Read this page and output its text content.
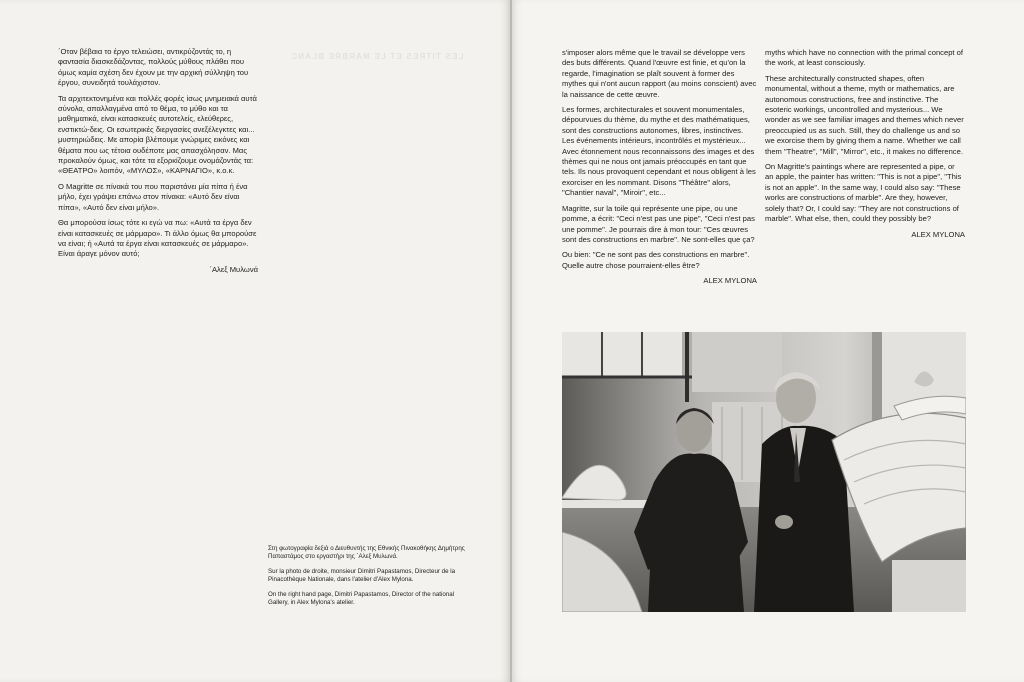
LES TITRES ET LE MARBRE BLANC

΄Οταν βέβαια το έργο τελειώσει, αντικρύζοντάς το, η φαντασία διασκεδάζοντας, πολλούς μύθους πλάθει που όμως καμία σχέση δεν έχουν με την αρχική σύλληψη του έργου, συνειδητά τουλάχιστον.

Τα αρχιτεκτονημένα και πολλές φορές ίσως μνημειακά αυτά σύνολα, απαλλαγμένα από το θέμα, το μύθο και τα μαθηματικά, είναι κατασκευές αυτοτελείς, ελεύθερες, ενστικτώ-δεις. Οι εσωτερικές διεργασίες ανεξέλεγκτες και... μυστηριώδεις. Με απορία βλέπουμε γνώριμες εικόνες και θέματα που ως τέτοια ουδέποτε μας απασχόλησαν. Μας προκαλούν όμως, και τότε τα εξορκίζουμε ονομάζοντάς τα: «ΘΕΑΤΡΟ» λοιπόν, «ΜΥΛΟΣ», «ΚΑΡΝΑΓΙΟ», κ.ο.κ.

Ο Magritte σε πίνακά του που παριστάνει μία πίπα ή ένα μήλο, έχει γράψει επάνω στον πίνακα: «Αυτό δεν είναι πίπα», «Αυτό δεν είναι μήλο».

Θα μπορούσα ίσως τότε κι εγώ να πω: «Αυτά τα έργα δεν είναι κατασκευές σε μάρμαρο». Τι άλλο όμως θα μπορούσε να είναι; ή «Αυτά τα έργα είναι κατασκευές σε μάρμαρο». Είναι άραγε μόνον αυτό;

΄Αλεξ Μυλωνά

Στη φωτογραφία δεξιά ο Διευθυντής της Εθνικής Πινακοθήκης Δημήτρης Παπαστάμος στο εργαστήρι της ΄Αλεξ Μυλωνά.

Sur la photo de droite, monsieur Dimitri Papastamos, Directeur de la Pinacothèque Nationale, dans l'atelier d'Alex Mylona.

On the right hand page, Dimitri Papastamos, Director of the national Gallery, in Alex Mylona's atelier.

s'imposer alors même que le travail se développe vers des buts différents. Quand l'œuvre est finie, et qu'on la regarde, l'imagination se plaît souvent à former des mythes qui n'ont aucun rapport (au moins conscient) avec la naissance de cette œuvre.

Les formes, architecturales et souvent monumentales, dépourvues du thème, du mythe et des mathématiques, sont des constructions autonomes, libres, instinctives. Les événements intérieurs, incontrôlés et mystérieux... Avec étonnement nous reconnaissons des images et des thèmes qui ne nous ont jamais préoccupés en tant que tels. Ils nous provoquent cependant et nous obligent à les exorciser en les nommant. Disons "Théâtre" alors, "Chantier naval", "Miroir", etc...

Magritte, sur la toile qui représente une pipe, ou une pomme, a écrit: "Ceci n'est pas une pipe", "Ceci n'est pas une pomme". Je pourrais dire à mon tour: "Ces œuvres sont des constructions en marbre". Ne sont-elles que ça?

Ou bien: "Ce ne sont pas des constructions en marbre". Quelle autre chose pourraient-elles être?

ALEX MYLONA

myths which have no connection with the primal concept of the work, at least consciously.

These architecturally constructed shapes, often monumental, without a theme, myth or mathematics, are autonomous constructions, free and instinctive. The esoteric workings, uncontrolled and mysterious... We wonder as we see familiar images and themes which never preoccupied us as such. Still, they do challenge us and so we exorcise them by giving them a name. Whether we call them "Theatre", "Mill", "Mirror", etc., it makes no difference.

On Magritte's paintings where are represented a pipe, or an apple, the painter has written: "This is not a pipe", "This is not an apple". In the same way, I could also say: "These works are constructions of marble". Are they, however, solely that? Or, I could say: "They are not constructions of marble". What else, then, could they possibly be?

ALEX MYLONA
